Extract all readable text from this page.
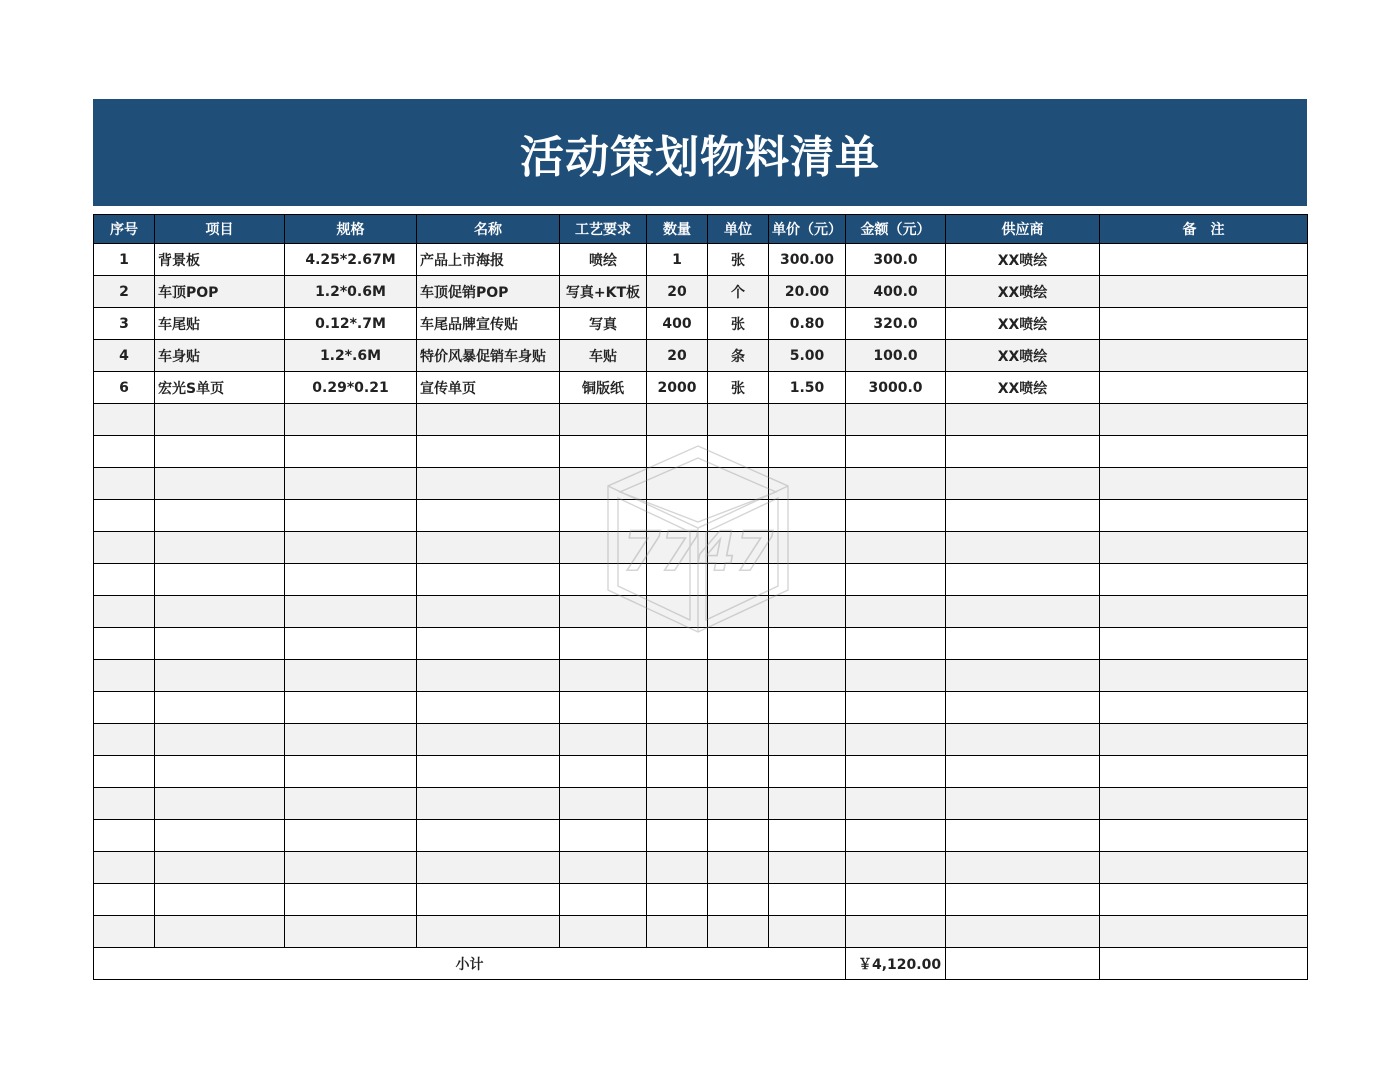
活动策划物料清单
序号	项目	规格	名称	工艺要求	数量	单位	单价（元）	金额（元）	供应商	备　注
1	背景板	4.25*2.67M	产品上市海报	喷绘	1	张	300.00	300.0	XX喷绘	
2	车顶POP	1.2*0.6M	车顶促销POP	写真+KT板	20	个	20.00	400.0	XX喷绘	
3	车尾贴	0.12*.7M	车尾品牌宣传贴	写真	400	张	0.80	320.0	XX喷绘	
4	车身贴	1.2*.6M	特价风暴促销车身贴	车贴	20	条	5.00	100.0	XX喷绘	
6	宏光S单页	0.29*0.21	宣传单页	铜版纸	2000	张	1.50	3000.0	XX喷绘	

小计								￥4,120.00		
7747
